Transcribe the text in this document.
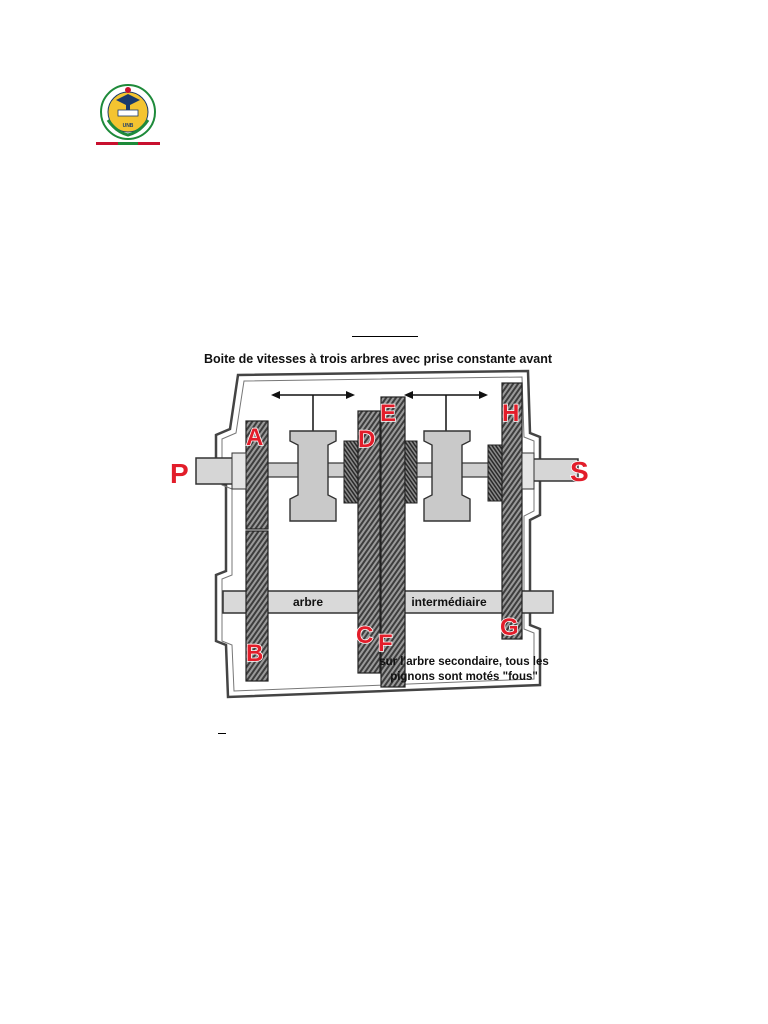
UNB
Boite de vitesses à trois arbres avec prise constante avant
arbre	intermédiaire
sur l'arbre secondaire, tous les
pignons sont motés "fous"
P	S
A
B
C
D
E
F
G
H
